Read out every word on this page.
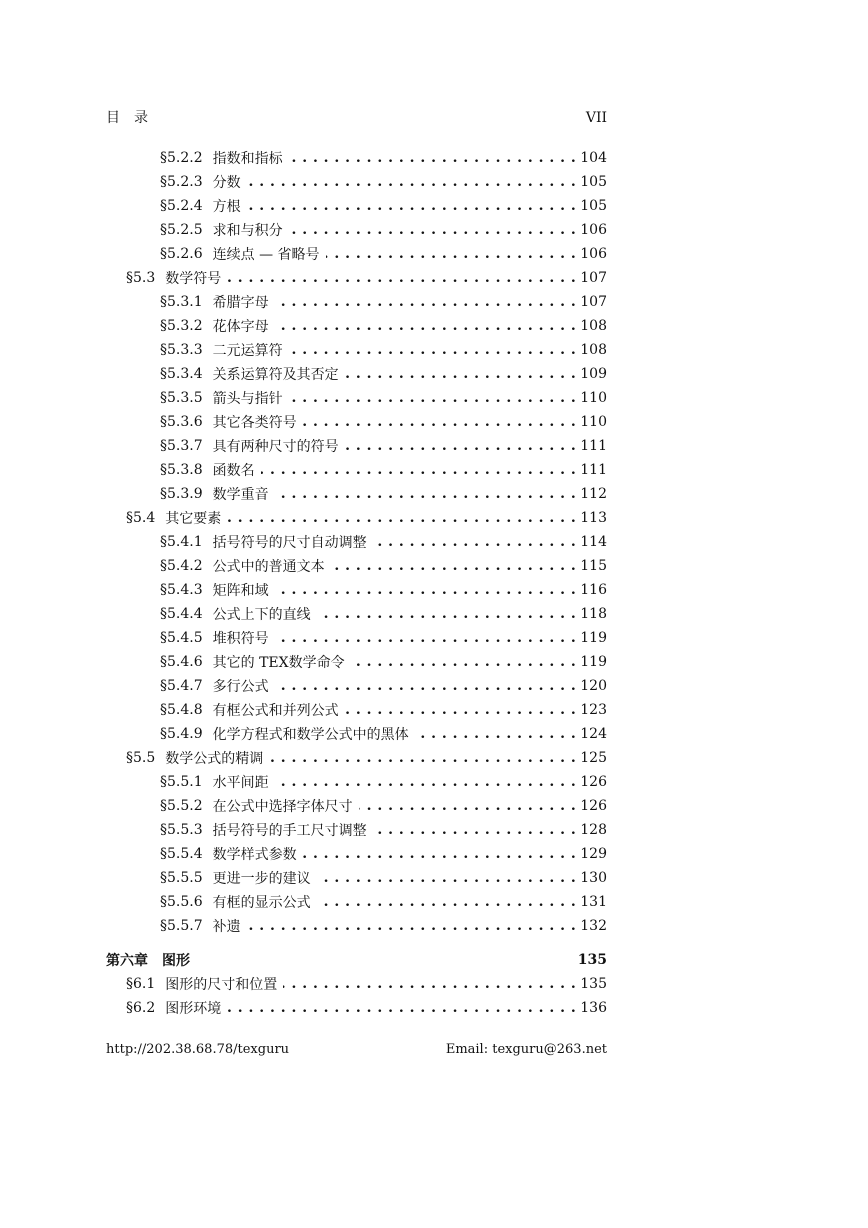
目录	VII
§5.2.2 指数和指标 . . .	104
§5.2.3 分数 . . .	105
§5.2.4 方根 . . .	105
§5.2.5 求和与积分 . . .	106
§5.2.6 连续点 — 省略号 . . .	106
§5.3 数学符号 . . .	107
§5.3.1 希腊字母 . . .	107
§5.3.2 花体字母 . . .	108
§5.3.3 二元运算符 . . .	108
§5.3.4 关系运算符及其否定 . . .	109
§5.3.5 箭头与指针 . . .	110
§5.3.6 其它各类符号 . . .	110
§5.3.7 具有两种尺寸的符号 . . .	111
§5.3.8 函数名 . . .	111
§5.3.9 数学重音 . . .	112
§5.4 其它要素 . . .	113
§5.4.1 括号符号的尺寸自动调整 . . .	114
§5.4.2 公式中的普通文本 . . .	115
§5.4.3 矩阵和域 . . .	116
§5.4.4 公式上下的直线 . . .	118
§5.4.5 堆积符号 . . .	119
§5.4.6 其它的 TEX数学命令 . . .	119
§5.4.7 多行公式 . . .	120
§5.4.8 有框公式和并列公式 . . .	123
§5.4.9 化学方程式和数学公式中的黑体 . . .	124
§5.5 数学公式的精调 . . .	125
§5.5.1 水平间距 . . .	126
§5.5.2 在公式中选择字体尺寸 . . .	126
§5.5.3 括号符号的手工尺寸调整 . . .	128
§5.5.4 数学样式参数 . . .	129
§5.5.5 更进一步的建议 . . .	130
§5.5.6 有框的显示公式 . . .	131
§5.5.7 补遗 . . .	132
第六章 图形	135
§6.1 图形的尺寸和位置 . . .	135
§6.2 图形环境 . . .	136
http://202.38.68.78/texguru	Email: texguru@263.net
